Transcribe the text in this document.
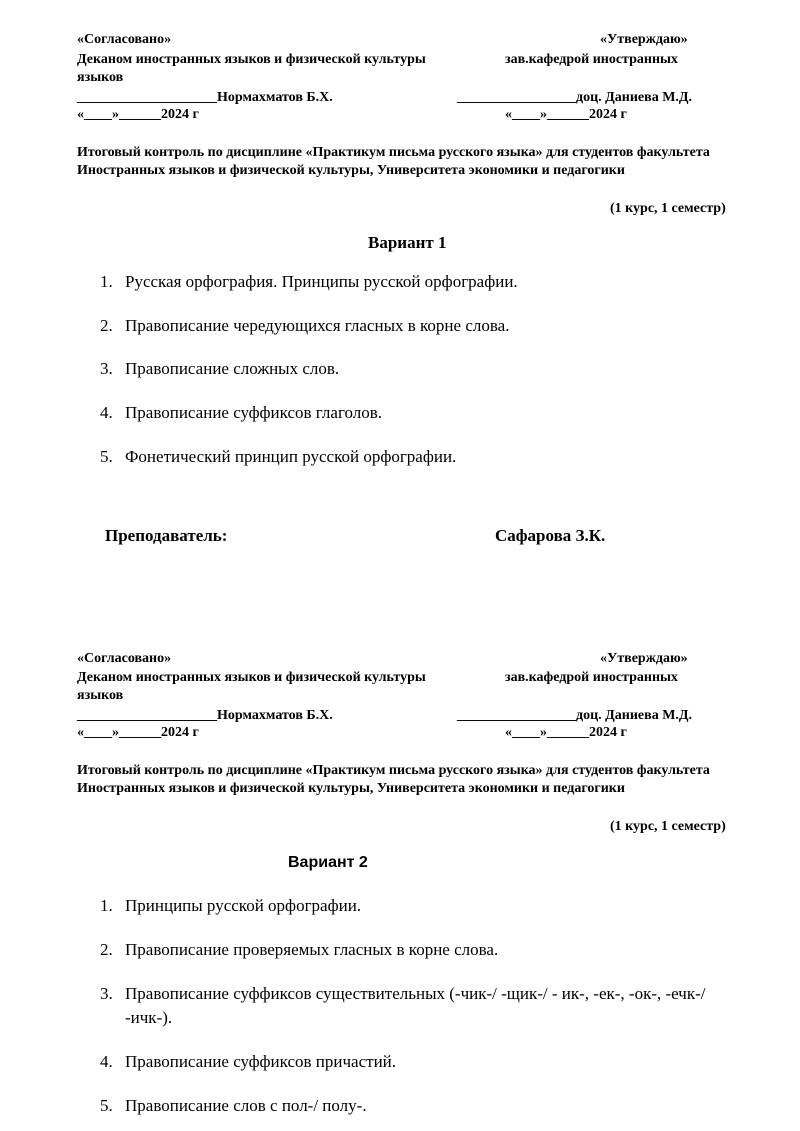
«Согласовано»	«Утверждаю»
Деканом иностранных языков и физической культуры	зав.кафедрой иностранных
языков
____________________Нормахматов Б.Х.	_________________доц. Даниева М.Д.
«____»______2024 г	«____»______2024 г
Итоговый контроль по дисциплине «Практикум письма русского языка» для студентов факультета Иностранных языков и физической культуры, Университета экономики и педагогики
(1 курс, 1 семестр)
Вариант 1
1. Русская орфография. Принципы русской орфографии.
2. Правописание чередующихся гласных в корне слова.
3. Правописание сложных слов.
4. Правописание суффиксов глаголов.
5. Фонетический принцип русской орфографии.
Преподаватель:	Сафарова З.К.
«Согласовано»	«Утверждаю»
Деканом иностранных языков и физической культуры	зав.кафедрой иностранных
языков
____________________Нормахматов Б.Х.	_________________доц. Даниева М.Д.
«____»______2024 г	«____»______2024 г
Итоговый контроль по дисциплине «Практикум письма русского языка» для студентов факультета Иностранных языков и физической культуры, Университета экономики и педагогики
(1 курс, 1 семестр)
Вариант 2
1. Принципы русской орфографии.
2. Правописание проверяемых гласных в корне слова.
3. Правописание суффиксов существительных (-чик-/ -щик-/ - ик-, -ек-, -ок-, -ечк-/ -ичк-).
4. Правописание суффиксов причастий.
5. Правописание слов с пол-/ полу-.
